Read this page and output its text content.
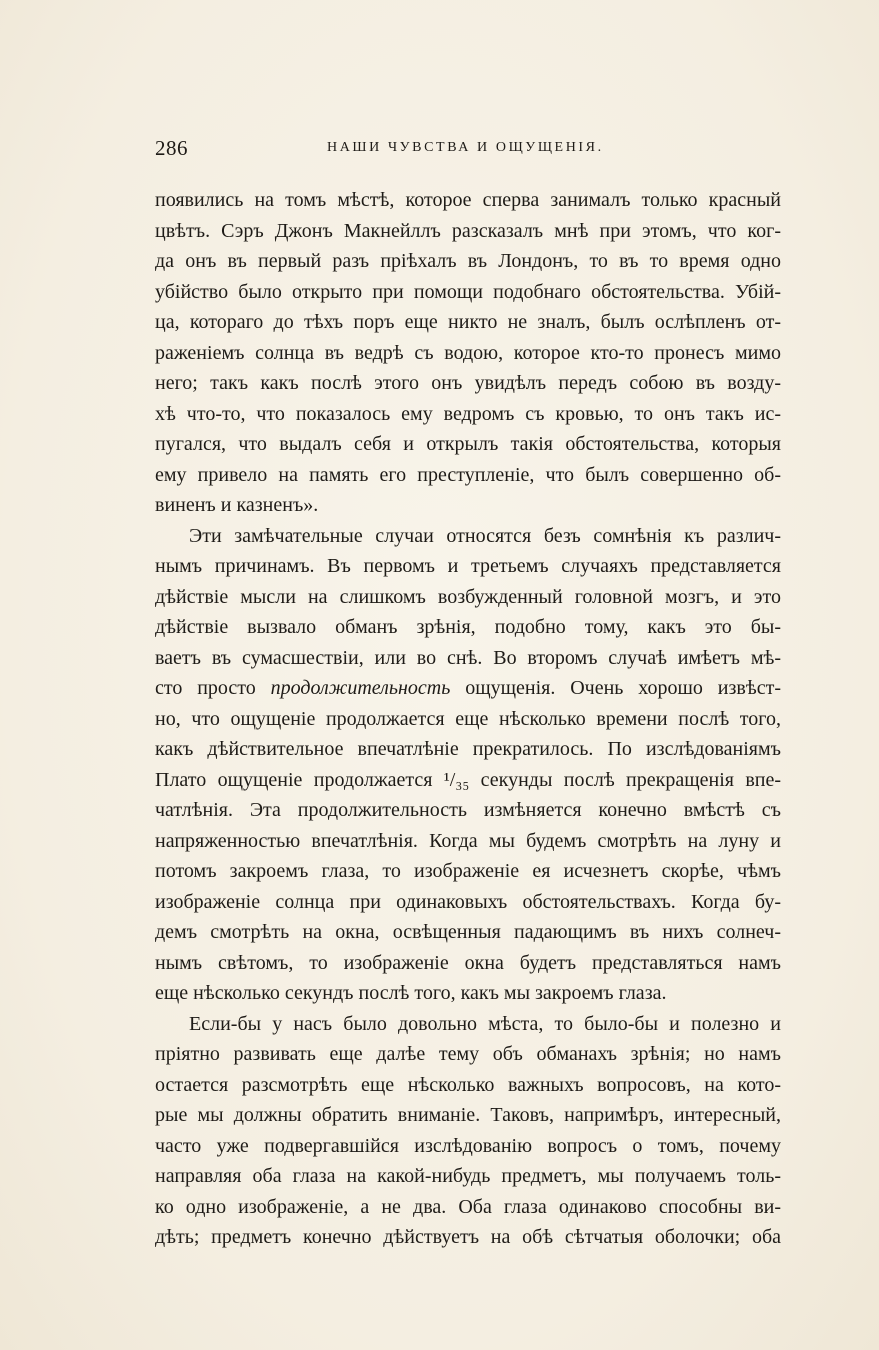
286	НАШИ ЧУВСТВА И ОЩУЩЕНІЯ.
появились на томъ мѣстѣ, которое сперва занималъ только красный
цвѣтъ. Сэръ Джонъ Макнейллъ разсказалъ мнѣ при этомъ, что ког-
да онъ въ первый разъ пріѣхалъ въ Лондонъ, то въ то время одно
убійство было открыто при помощи подобнаго обстоятельства. Убій-
ца, котораго до тѣхъ поръ еще никто не зналъ, былъ ослѣпленъ от-
раженіемъ солнца въ ведрѣ съ водою, которое кто-то пронесъ мимо
него; такъ какъ послѣ этого онъ увидѣлъ передъ собою въ возду-
хѣ что-то, что показалось ему ведромъ съ кровью, то онъ такъ ис-
пугался, что выдалъ себя и открылъ такія обстоятельства, которыя
ему привело на память его преступленіе, что былъ совершенно об-
виненъ и казненъ».
Эти замѣчательные случаи относятся безъ сомнѣнія къ различ-
нымъ причинамъ. Въ первомъ и третьемъ случаяхъ представляется
дѣйствіе мысли на слишкомъ возбужденный головной мозгъ, и это
дѣйствіе вызвало обманъ зрѣнія, подобно тому, какъ это бы-
ваетъ въ сумасшествіи, или во снѣ. Во второмъ случаѣ имѣетъ мѣ-
сто просто продолжительность ощущенія. Очень хорошо извѣст-
но, что ощущеніе продолжается еще нѣсколько времени послѣ того,
какъ дѣйствительное впечатлѣніе прекратилось. По изслѣдованіямъ
Плато ощущеніе продолжается ¹/₃₅ секунды послѣ прекращенія впе-
чатлѣнія. Эта продолжительность измѣняется конечно вмѣстѣ съ
напряженностью впечатлѣнія. Когда мы будемъ смотрѣть на луну и
потомъ закроемъ глаза, то изображеніе ея исчезнетъ скорѣе, чѣмъ
изображеніе солнца при одинаковыхъ обстоятельствахъ. Когда бу-
демъ смотрѣть на окна, освѣщенныя падающимъ въ нихъ солнеч-
нымъ свѣтомъ, то изображеніе окна будетъ представляться намъ
еще нѣсколько секундъ послѣ того, какъ мы закроемъ глаза.
Если-бы у насъ было довольно мѣста, то было-бы и полезно и
пріятно развивать еще далѣе тему объ обманахъ зрѣнія; но намъ
остается разсмотрѣть еще нѣсколько важныхъ вопросовъ, на кото-
рые мы должны обратить вниманіе. Таковъ, напримѣръ, интересный,
часто уже подвергавшійся изслѣдованію вопросъ о томъ, почему
направляя оба глаза на какой-нибудь предметъ, мы получаемъ толь-
ко одно изображеніе, а не два. Оба глаза одинаково способны ви-
дѣть; предметъ конечно дѣйствуетъ на обѣ сѣтчатыя оболочки; оба
